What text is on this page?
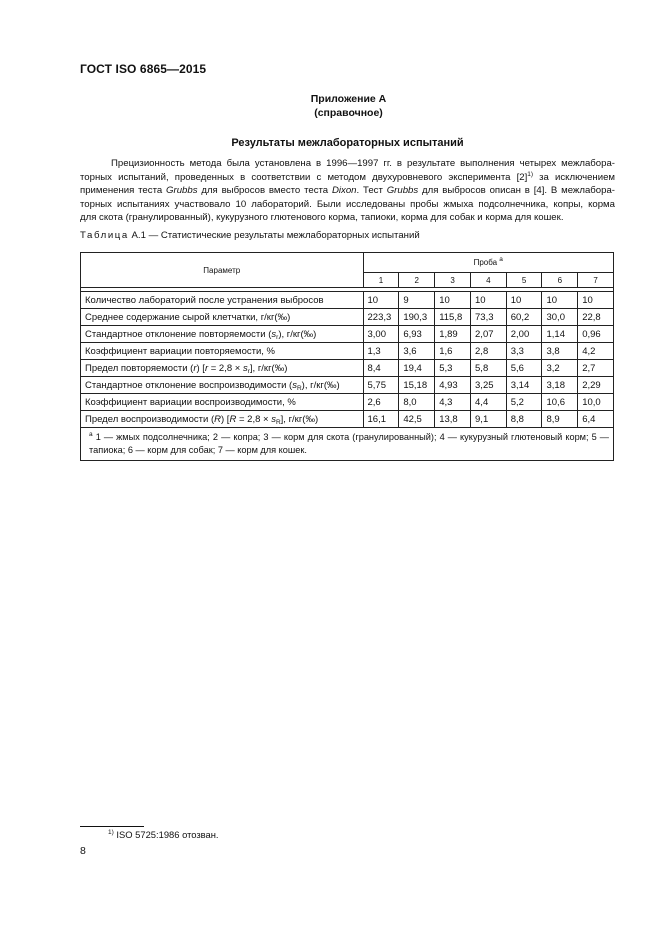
ГОСТ ISO 6865—2015
Приложение А
(справочное)
Результаты межлабораторных испытаний

Прецизионность метода была установлена в 1996—1997 гг. в результате выполнения четырех межлабора-

торных испытаний, проведенных в соответствии с методом двухуровневого эксперимента $[2]^{1)}$ за исключением

применения теста Grubbs для выбросов вместо теста Dixon. Тест Grubbs для выбросов описан в [4]. В межлабора-

торных испытаниях участвовало 10 лабораторий. Были исследованы пробы жмыха подсолнечника, копры, корма

для скота (гранулированный), кукурузного глютенового корма, тапиоки, корма для собак и корма для кошек.

Таблица А.1 — Статистические результаты межлабораторных испытаний
Параметр	Проба $^а$
	1	2	3	4	5	6	7

Количество лабораторий после устранения выбросов	10	9	10	10	10	10	10
Среднее содержание сырой клетчатки, г/кг(‰)	223,3	190,3	115,8	73,3	60,2	30,0	22,8
Стандартное отклонение повторяемости $(s_r)$, г/кг(‰)	3,00	6,93	1,89	2,07	2,00	1,14	0,96
Коэффициент вариации повторяемости, %	1,3	3,6	1,6	2,8	3,3	3,8	4,2
Предел повторяемости (r) $[r = 2,8 \times s_r]$, г/кг(‰)	8,4	19,4	5,3	5,8	5,6	3,2	2,7
Стандартное отклонение воспроизводимости $(s_R)$, г/кг(‰)	5,75	15,18	4,93	3,25	3,14	3,18	2,29
Коэффициент вариации воспроизводимости, %	2,6	8,0	4,3	4,4	5,2	10,6	10,0
Предел воспроизводимости (R) $[R = 2,8 \times s_R]$, г/кг(‰)	16,1	42,5	13,8	9,1	8,8	8,9	6,4
$^а$ 1 — жмых подсолнечника; 2 — копра; 3 — корм для скота (гранулированный); 4 — кукурузный глютеновый корм; 5 — тапиока; 6 — корм для собак; 7 — корм для кошек.							
$^{1)}$ ISO 5725:1986 отозван.
8
